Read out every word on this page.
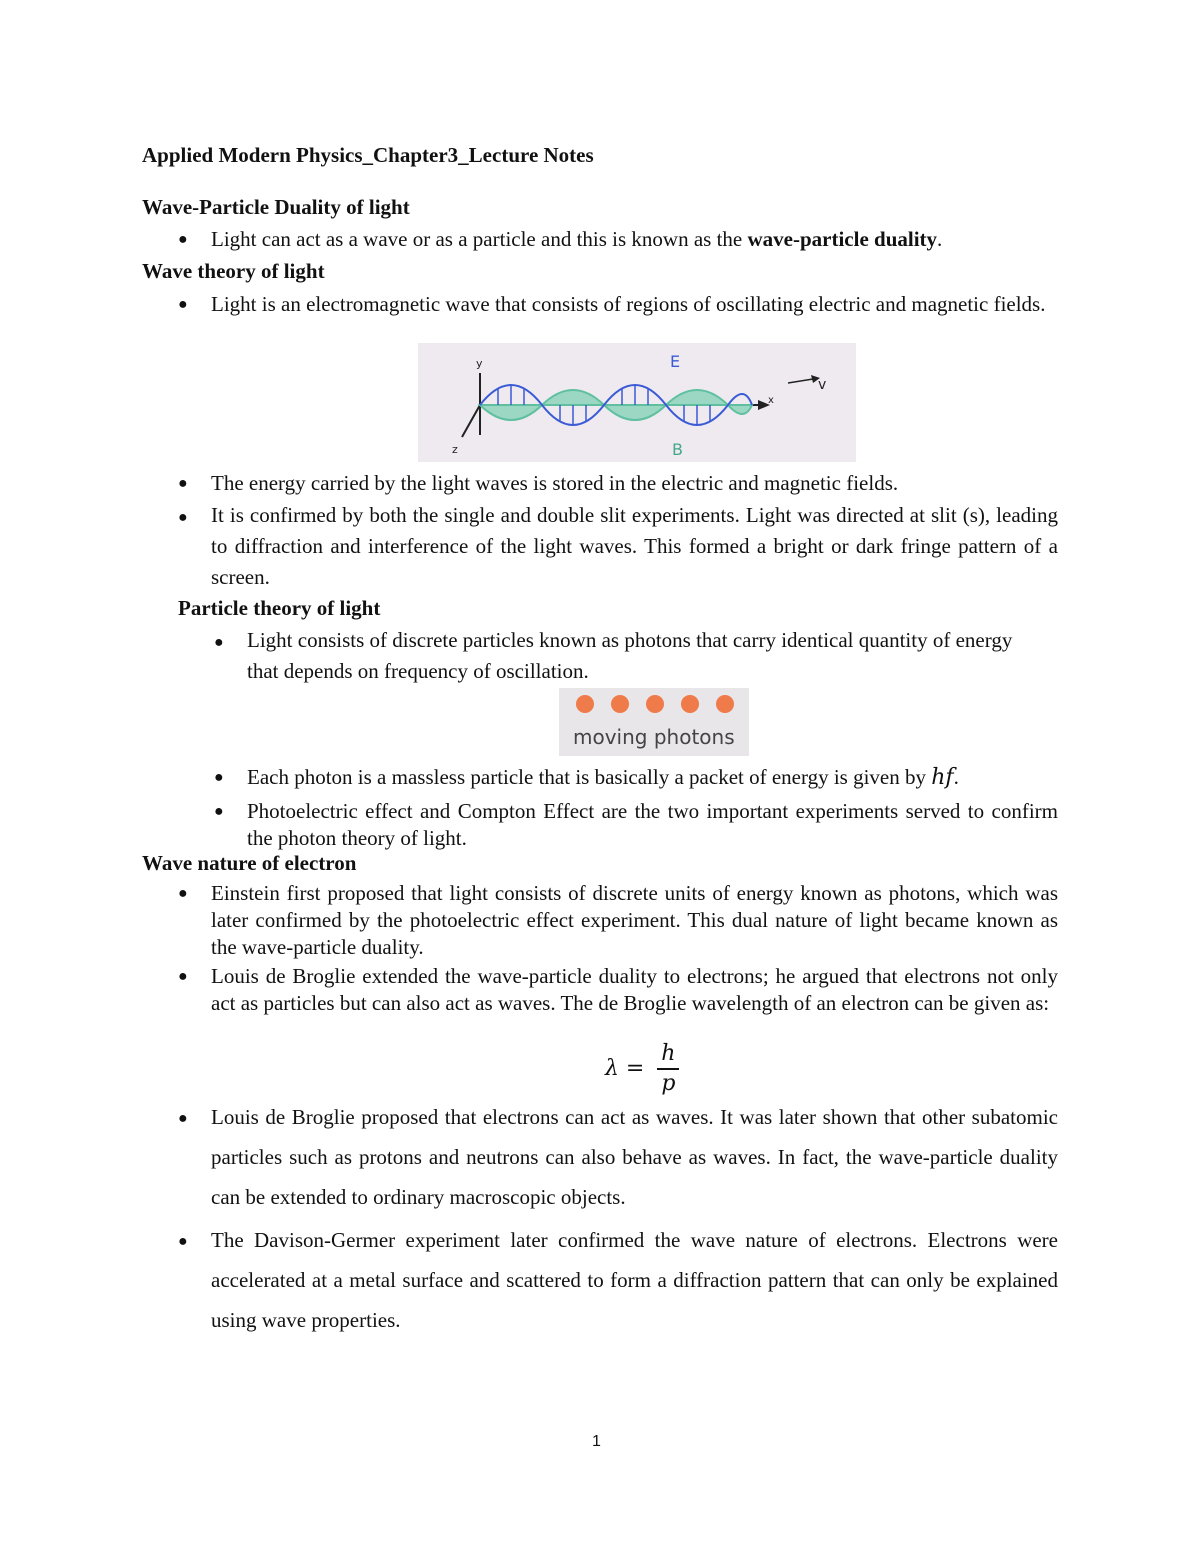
Applied Modern Physics_Chapter3_Lecture Notes
Wave-Particle Duality of light
● Light can act as a wave or as a particle and this is known as the wave-particle duality.
Wave theory of light
● Light is an electromagnetic wave that consists of regions of oscillating electric and magnetic fields.
y
z
x
v
E
B
● The energy carried by the light waves is stored in the electric and magnetic fields.
● It is confirmed by both the single and double slit experiments. Light was directed at slit (s), leading to diffraction and interference of the light waves. This formed a bright or dark fringe pattern of a screen.
Particle theory of light
● Light consists of discrete particles known as photons that carry identical quantity of energy that depends on frequency of oscillation.
moving photons
● Each photon is a massless particle that is basically a packet of energy is given by hf.
● Photoelectric effect and Compton Effect are the two important experiments served to confirm the photon theory of light.
Wave nature of electron
● Einstein first proposed that light consists of discrete units of energy known as photons, which was later confirmed by the photoelectric effect experiment. This dual nature of light became known as the wave-particle duality.
● Louis de Broglie extended the wave-particle duality to electrons; he argued that electrons not only act as particles but can also act as waves. The de Broglie wavelength of an electron can be given as:
$\lambda = \frac{h}{p}$
● Louis de Broglie proposed that electrons can act as waves. It was later shown that other subatomic particles such as protons and neutrons can also behave as waves. In fact, the wave-particle duality can be extended to ordinary macroscopic objects.
● The Davison-Germer experiment later confirmed the wave nature of electrons. Electrons were accelerated at a metal surface and scattered to form a diffraction pattern that can only be explained using wave properties.
1
